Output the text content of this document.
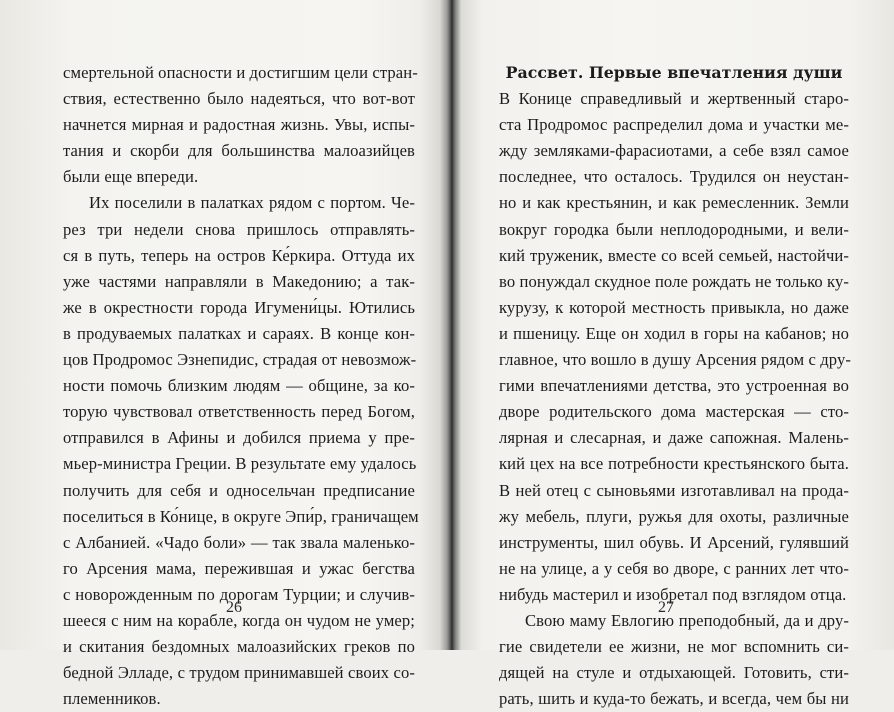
смертельной опасности и достигшим цели стран-
ствия, естественно было надеяться, что вот-вот
начнется мирная и радостная жизнь. Увы, испы-
тания и скорби для большинства малоазийцев
были еще впереди.
Их поселили в палатках рядом с портом. Че-
рез три недели снова пришлось отправлять-
ся в путь, теперь на остров Ке́ркира. Оттуда их
уже частями направляли в Македонию; а так-
же в окрестности города Игумени́цы. Ютились
в продуваемых палатках и сараях. В конце кон-
цов Продромос Эзнепидис, страдая от невозмож-
ности помочь близким людям — общине, за ко-
торую чувствовал ответственность перед Богом,
отправился в Афины и добился приема у пре-
мьер-министра Греции. В результате ему удалось
получить для себя и односельчан предписание
поселиться в Ко́нице, в округе Эпи́р, граничащем
с Албанией. «Чадо боли» — так звала маленько-
го Арсения мама, пережившая и ужас бегства
с новорожденным по дорогам Турции; и случив-
шееся с ним на корабле, когда он чудом не умер;
и скитания бездомных малоазийских греков по
бедной Элладе, с трудом принимавшей своих со-
племенников.
26
Рассвет. Первые впечатления души
В Конице справедливый и жертвенный старо-
ста Продромос распределил дома и участки ме-
жду земляками-фарасиотами, а себе взял самое
последнее, что осталось. Трудился он неустан-
но и как крестьянин, и как ремесленник. Земли
вокруг городка были неплодородными, и вели-
кий труженик, вместе со всей семьей, настойчи-
во понуждал скудное поле рождать не только ку-
курузу, к которой местность привыкла, но даже
и пшеницу. Еще он ходил в горы на кабанов; но
главное, что вошло в душу Арсения рядом с дру-
гими впечатлениями детства, это устроенная во
дворе родительского дома мастерская — сто-
лярная и слесарная, и даже сапожная. Малень-
кий цех на все потребности крестьянского быта.
В ней отец с сыновьями изготавливал на прода-
жу мебель, плуги, ружья для охоты, различные
инструменты, шил обувь. И Арсений, гулявший
не на улице, а у себя во дворе, с ранних лет что-
нибудь мастерил и изобретал под взглядом отца.
Свою маму Евлогию преподобный, да и дру-
гие свидетели ее жизни, не мог вспомнить си-
дящей на стуле и отдыхающей. Готовить, сти-
рать, шить и куда-то бежать, и всегда, чем бы ни
27
